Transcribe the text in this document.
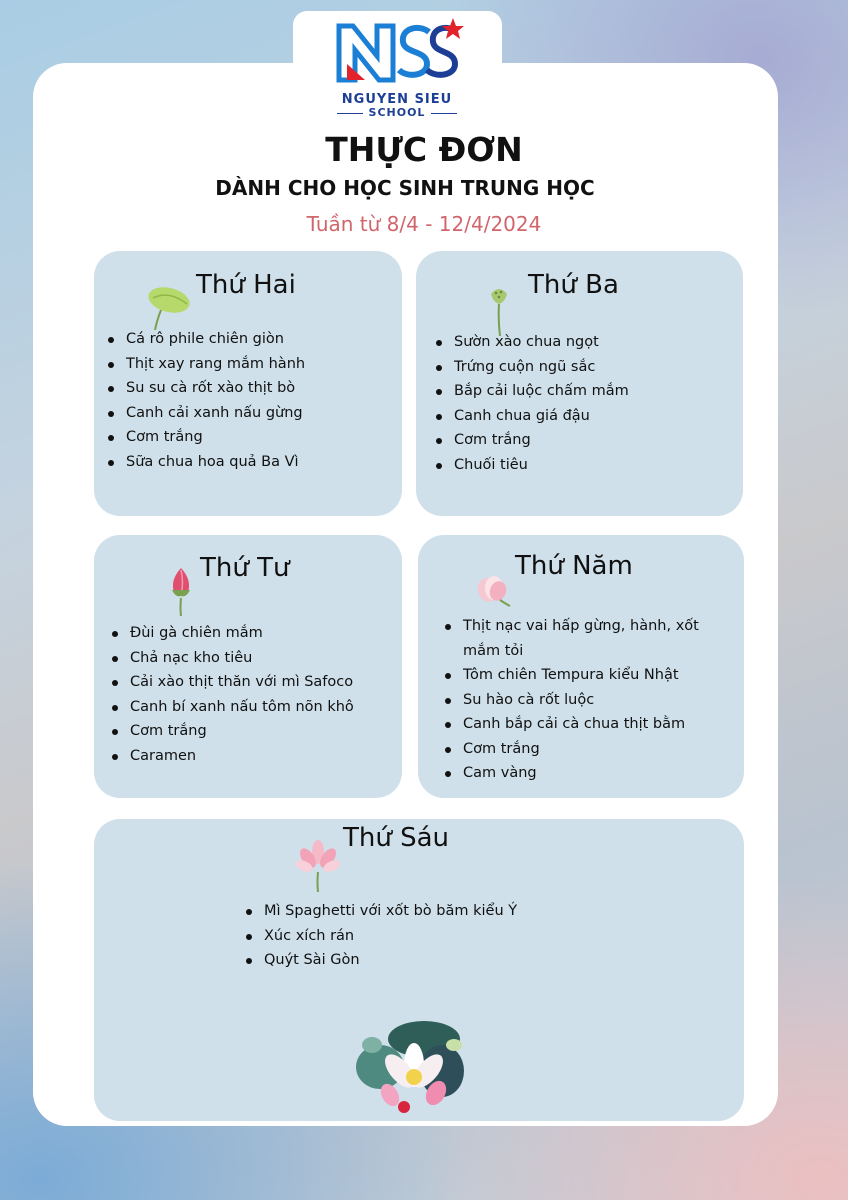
NGUYEN SIEU
SCHOOL
THỰC ĐƠN
DÀNH CHO HỌC SINH TRUNG HỌC
Tuần từ 8/4 - 12/4/2024
Thứ Hai
Cá rô phile chiên giòn
Thịt xay rang mắm hành
Su su cà rốt xào thịt bò
Canh cải xanh nấu gừng
Cơm trắng
Sữa chua hoa quả Ba Vì
Thứ Ba
Sườn xào chua ngọt
Trứng cuộn ngũ sắc
Bắp cải luộc chấm mắm
Canh chua giá đậu
Cơm trắng
Chuối tiêu
Thứ Tư
Đùi gà chiên mắm
Chả nạc kho tiêu
Cải xào thịt thăn với mì Safoco
Canh bí xanh nấu tôm nõn khô
Cơm trắng
Caramen
Thứ Năm
Thịt nạc vai hấp gừng, hành, xốt mắm tỏi
Tôm chiên Tempura kiểu Nhật
Su hào cà rốt luộc
Canh bắp cải cà chua thịt bằm
Cơm trắng
Cam vàng
Thứ Sáu
Mì Spaghetti với xốt bò băm kiểu Ý
Xúc xích rán
Quýt Sài Gòn
